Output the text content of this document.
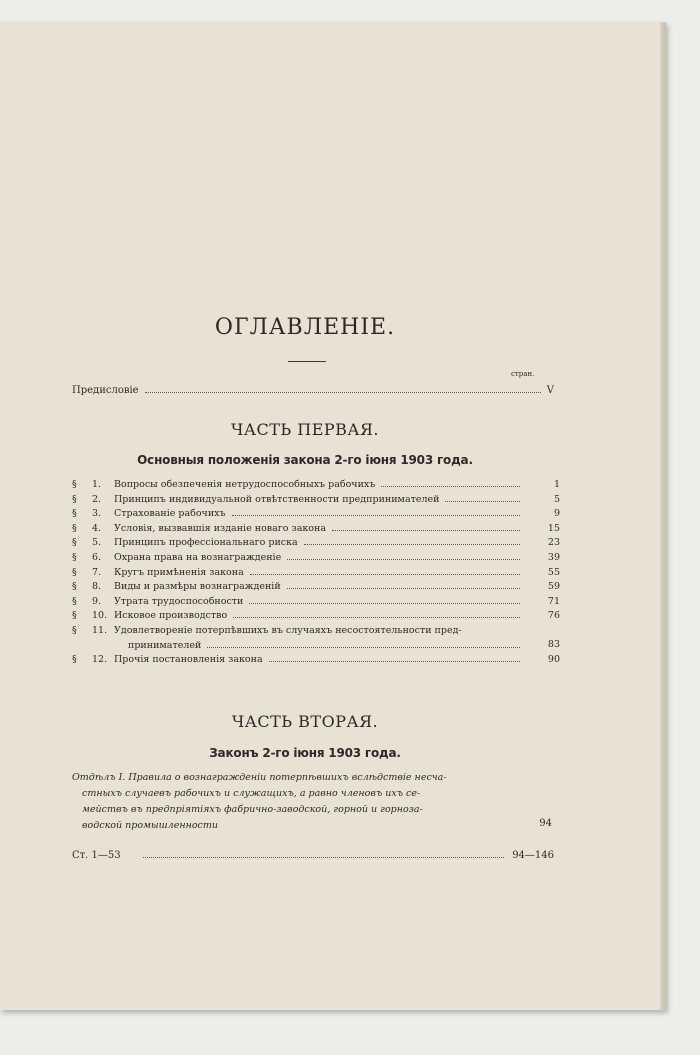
ОГЛАВЛЕНІЕ.
стран.
Предисловіе	V
ЧАСТЬ ПЕРВАЯ.
Основныя положенія закона 2-го іюня 1903 года.
§	1.	Вопросы обезпеченія нетрудоспособныхъ рабочихъ	1
§	2.	Принципъ индивидуальной отвѣтственности предпринимателей	5
§	3.	Страхованіе рабочихъ	9
§	4.	Условія, вызвавшія изданіе новаго закона	15
§	5.	Принципъ профессіональнаго риска	23
§	6.	Охрана права на вознагражденіе	39
§	7.	Кругъ примѣненія закона	55
§	8.	Виды и размѣры вознагражденій	59
§	9.	Утрата трудоспособности	71
§	10. Исковое производство	76
§	11. Удовлетвореніе потерпѣвшихъ въ случаяхъ несостоятельности пред-
принимателей	83
§	12. Прочія постановленія закона	90
ЧАСТЬ ВТОРАЯ.
Законъ 2-го іюня 1903 года.
Отдѣлъ I. Правила о вознагражденіи потерпѣвшихъ вслѣдствіе несча-
стныхъ случаевъ рабочихъ и служащихъ, а равно членовъ ихъ се-
мействъ въ предпріятіяхъ фабрично-заводской, горной и горноза-
водской промышленности	94
Ст. 1—53	94—146
